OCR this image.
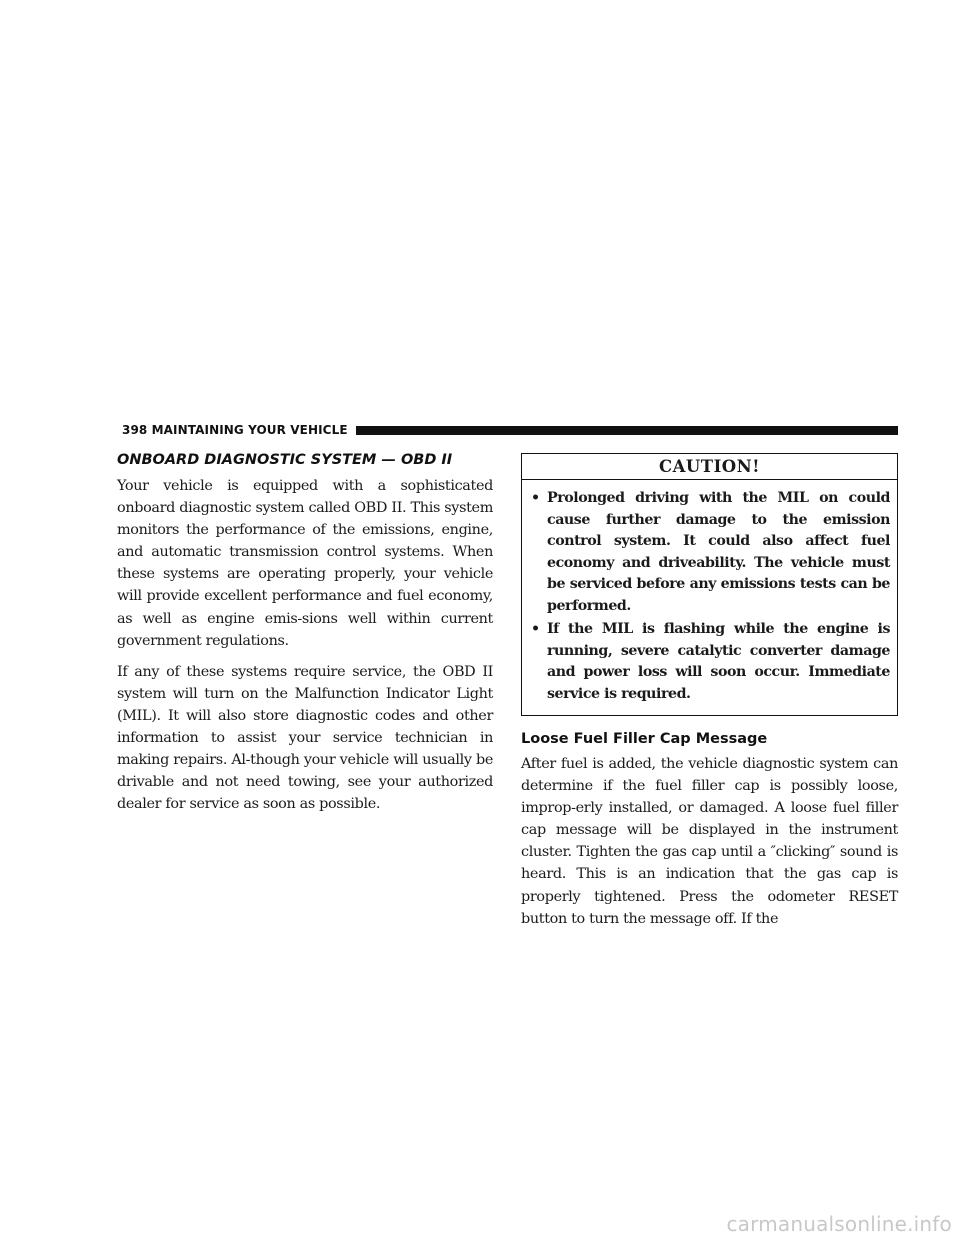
398 MAINTAINING YOUR VEHICLE
ONBOARD DIAGNOSTIC SYSTEM — OBD II

Your vehicle is equipped with a sophisticated onboard diagnostic system called OBD II. This system monitors the performance of the emissions, engine, and automatic transmission control systems. When these systems are operating properly, your vehicle will provide excellent performance and fuel economy, as well as engine emis-sions well within current government regulations.

If any of these systems require service, the OBD II system will turn on the Malfunction Indicator Light (MIL). It will also store diagnostic codes and other information to assist your service technician in making repairs. Al-though your vehicle will usually be drivable and not need towing, see your authorized dealer for service as soon as possible.

CAUTION!
• Prolonged driving with the MIL on could cause further damage to the emission control system. It could also affect fuel economy and driveability. The vehicle must be serviced before any emissions tests can be performed.
• If the MIL is flashing while the engine is running, severe catalytic converter damage and power loss will soon occur. Immediate service is required.
Loose Fuel Filler Cap Message

After fuel is added, the vehicle diagnostic system can determine if the fuel filler cap is possibly loose, improp-erly installed, or damaged. A loose fuel filler cap message will be displayed in the instrument cluster. Tighten the gas cap until a ″clicking″ sound is heard. This is an indication that the gas cap is properly tightened. Press the odometer RESET button to turn the message off. If the

carmanualsonline.info
